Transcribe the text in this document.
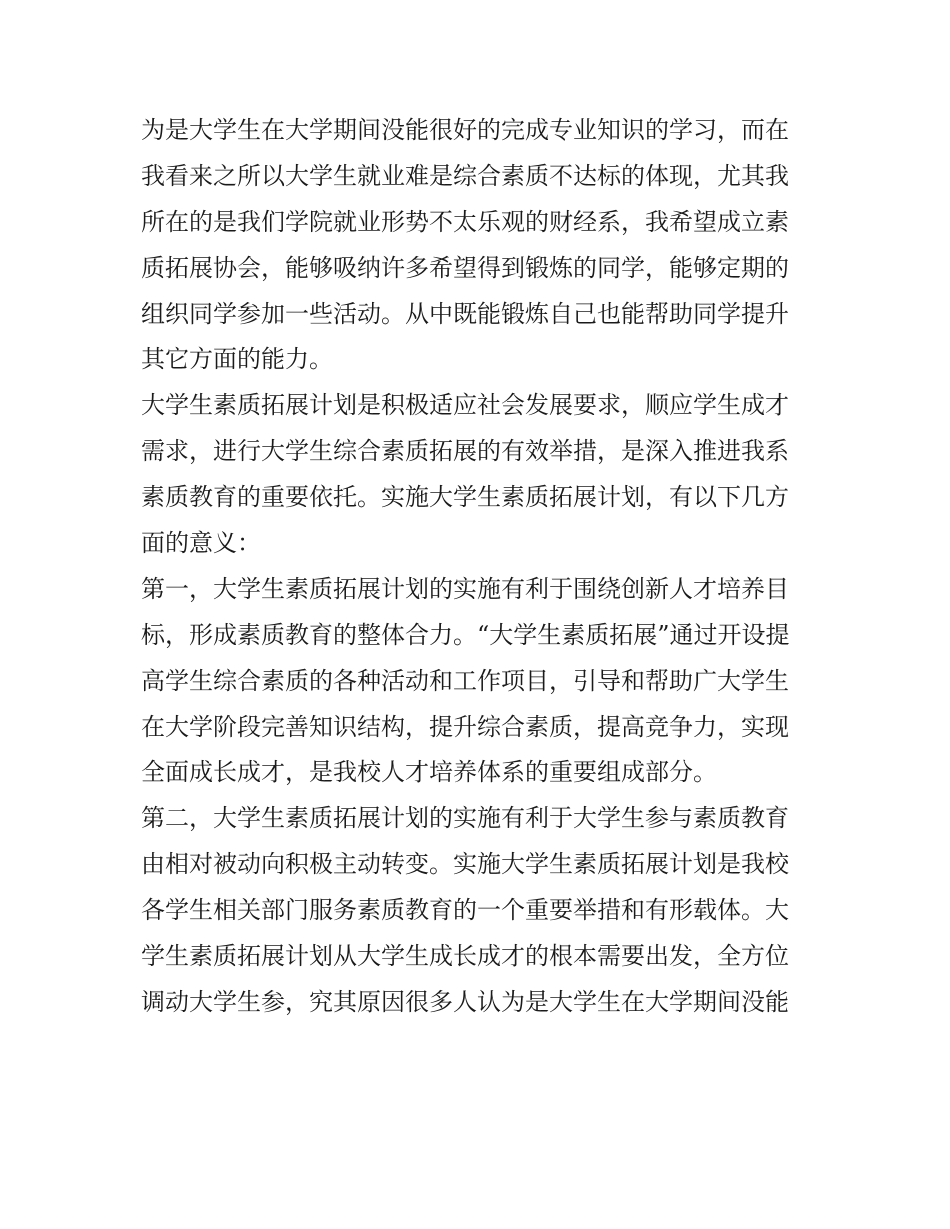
为是大学生在大学期间没能很好的完成专业知识的学习，而在
我看来之所以大学生就业难是综合素质不达标的体现，尤其我
所在的是我们学院就业形势不太乐观的财经系，我希望成立素
质拓展协会，能够吸纳许多希望得到锻炼的同学，能够定期的
组织同学参加一些活动。从中既能锻炼自己也能帮助同学提升
其它方面的能力。
大学生素质拓展计划是积极适应社会发展要求，顺应学生成才
需求，进行大学生综合素质拓展的有效举措，是深入推进我系
素质教育的重要依托。实施大学生素质拓展计划，有以下几方
面的意义：
第一，大学生素质拓展计划的实施有利于围绕创新人才培养目
标，形成素质教育的整体合力。“大学生素质拓展”通过开设提
高学生综合素质的各种活动和工作项目，引导和帮助广大学生
在大学阶段完善知识结构，提升综合素质，提高竞争力，实现
全面成长成才，是我校人才培养体系的重要组成部分。
第二，大学生素质拓展计划的实施有利于大学生参与素质教育
由相对被动向积极主动转变。实施大学生素质拓展计划是我校
各学生相关部门服务素质教育的一个重要举措和有形载体。大
学生素质拓展计划从大学生成长成才的根本需要出发，全方位
调动大学生参，究其原因很多人认为是大学生在大学期间没能
